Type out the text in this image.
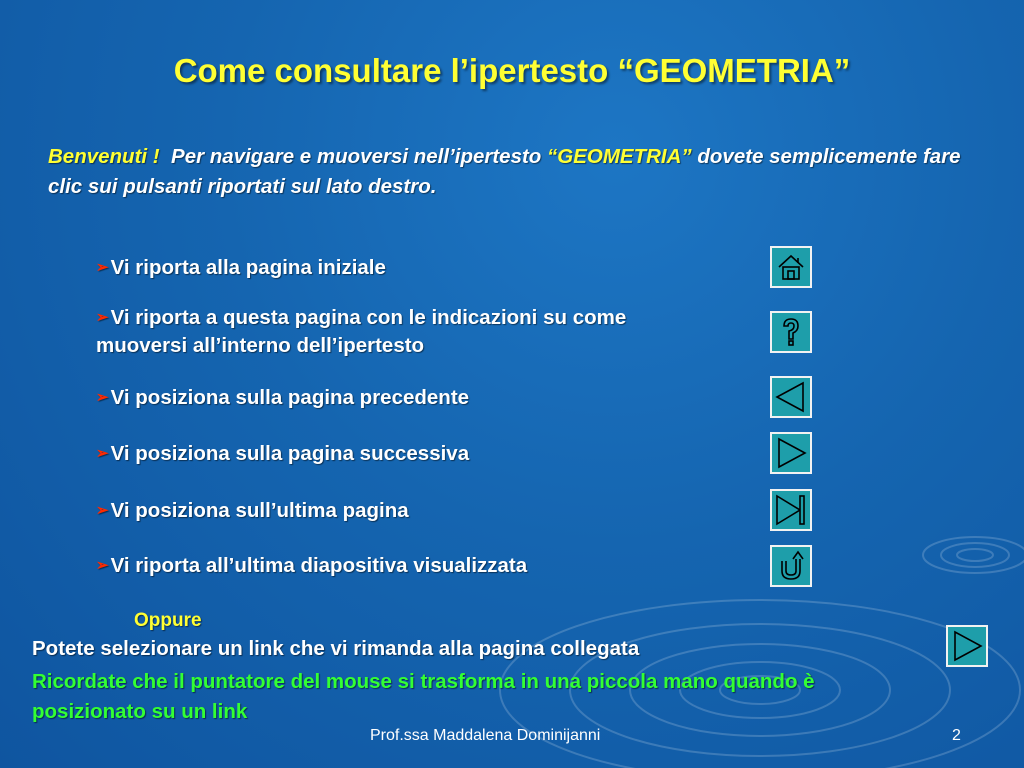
Come consultare l’ipertesto “GEOMETRIA”
Benvenuti ! Per navigare e muoversi nell’ipertesto “GEOMETRIA” dovete semplicemente fare clic sui pulsanti riportati sul lato destro.
➢Vi riporta alla pagina iniziale
➢Vi riporta a questa pagina con le indicazioni su come muoversi all’interno dell’ipertesto
➢Vi posiziona sulla pagina precedente
➢Vi posiziona sulla pagina successiva
➢Vi posiziona sull’ultima pagina
➢Vi riporta all’ultima diapositiva visualizzata
Oppure
Potete selezionare un link che vi rimanda alla pagina collegata
Ricordate che il puntatore del mouse si trasforma in una piccola mano quando è posizionato su un link
Prof.ssa Maddalena Dominijanni	2
